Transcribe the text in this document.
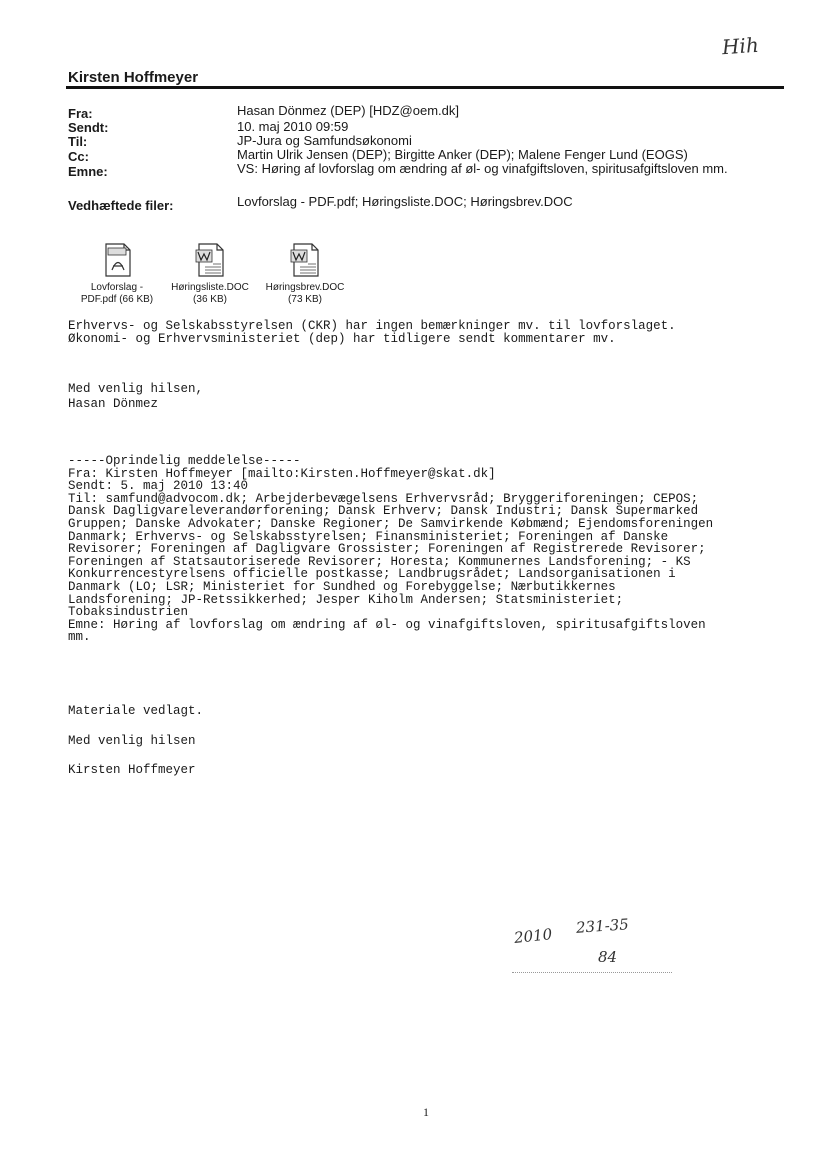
Hih
Kirsten Hoffmeyer
Fra:	Hasan Dönmez (DEP) [HDZ@oem.dk]
Sendt:	10. maj 2010 09:59
Til:	JP-Jura og Samfundsøkonomi
Cc:	Martin Ulrik Jensen (DEP); Birgitte Anker (DEP); Malene Fenger Lund (EOGS)
Emne:	VS: Høring af lovforslag om ændring af øl- og vinafgiftsloven, spiritusafgiftsloven mm.
Vedhæftede filer:	Lovforslag - PDF.pdf; Høringsliste.DOC; Høringsbrev.DOC
Lovforslag -
PDF.pdf (66 KB)
Høringsliste.DOC
(36 KB)
Høringsbrev.DOC
(73 KB)
Erhvervs- og Selskabsstyrelsen (CKR) har ingen bemærkninger mv. til lovforslaget.
Økonomi- og Erhvervsministeriet (dep) har tidligere sendt kommentarer mv.
Med venlig hilsen,
Hasan Dönmez
-----Oprindelig meddelelse-----
Fra: Kirsten Hoffmeyer [mailto:Kirsten.Hoffmeyer@skat.dk]
Sendt: 5. maj 2010 13:40
Til: samfund@advocom.dk; Arbejderbevægelsens Erhvervsråd; Bryggeriforeningen; CEPOS;
Dansk Dagligvareleverandørforening; Dansk Erhverv; Dansk Industri; Dansk Supermarked
Gruppen; Danske Advokater; Danske Regioner; De Samvirkende Købmænd; Ejendomsforeningen
Danmark; Erhvervs- og Selskabsstyrelsen; Finansministeriet; Foreningen af Danske
Revisorer; Foreningen af Dagligvare Grossister; Foreningen af Registrerede Revisorer;
Foreningen af Statsautoriserede Revisorer; Horesta; Kommunernes Landsforening; - KS
Konkurrencestyrelsens officielle postkasse; Landbrugsrådet; Landsorganisationen i
Danmark (LO; LSR; Ministeriet for Sundhed og Forebyggelse; Nærbutikkernes
Landsforening; JP-Retssikkerhed; Jesper Kiholm Andersen; Statsministeriet;
Tobaksindustrien
Emne: Høring af lovforslag om ændring af øl- og vinafgiftsloven, spiritusafgiftsloven
mm.
Materiale vedlagt.
Med venlig hilsen
Kirsten Hoffmeyer
2010 231-35
84
1
